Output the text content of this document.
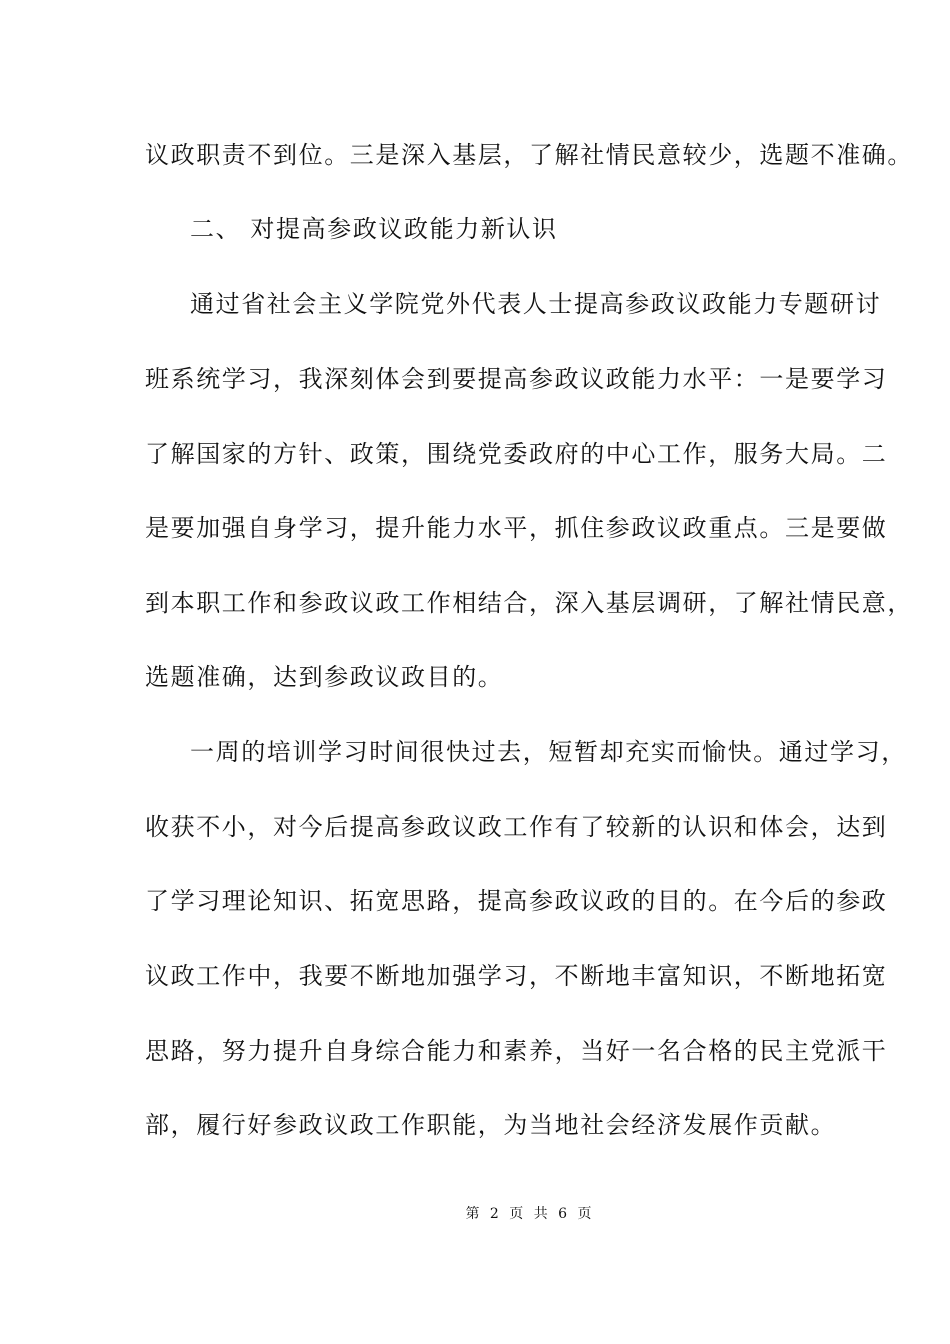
议政职责不到位。三是深入基层，了解社情民意较少，选题不准确。
二、 对提高参政议政能力新认识
通过省社会主义学院党外代表人士提高参政议政能力专题研讨
班系统学习，我深刻体会到要提高参政议政能力水平：一是要学习
了解国家的方针、政策，围绕党委政府的中心工作，服务大局。二
是要加强自身学习，提升能力水平，抓住参政议政重点。三是要做
到本职工作和参政议政工作相结合，深入基层调研，了解社情民意，
选题准确，达到参政议政目的。
一周的培训学习时间很快过去，短暂却充实而愉快。通过学习，
收获不小，对今后提高参政议政工作有了较新的认识和体会，达到
了学习理论知识、拓宽思路，提高参政议政的目的。在今后的参政
议政工作中，我要不断地加强学习，不断地丰富知识，不断地拓宽
思路，努力提升自身综合能力和素养，当好一名合格的民主党派干
部，履行好参政议政工作职能，为当地社会经济发展作贡献。
第 2 页 共 6 页
